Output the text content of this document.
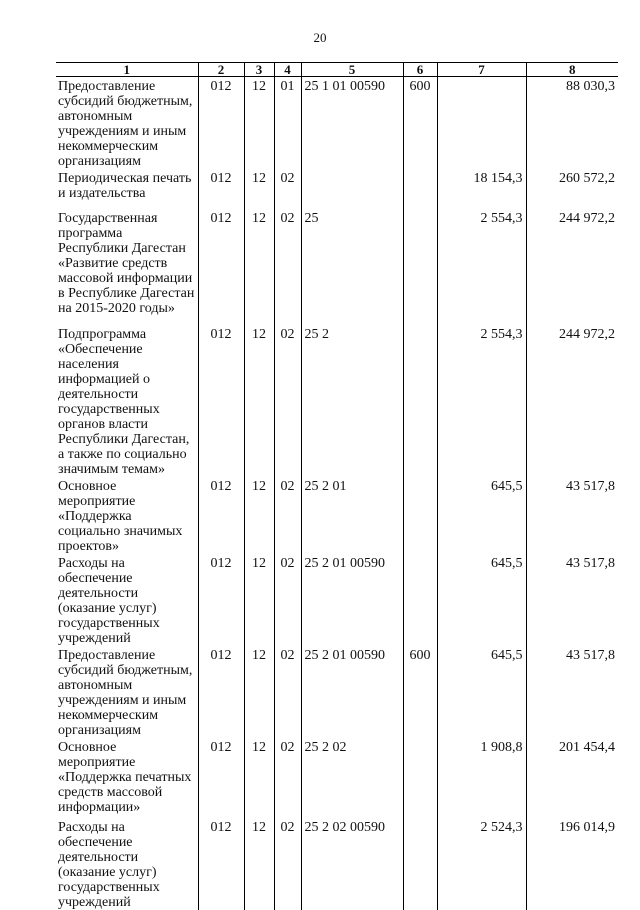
20
1	2	3	4	5	6	7	8
Предоставление субсидий бюджетным, автономным учреждениям и иным некоммерческим организациям	012	12	01	25 1 01 00590	600		88 030,3
Периодическая печать и издательства	012	12	02			18 154,3	260 572,2
Государственная программа Республики Дагестан «Развитие средств массовой информации в Республике Дагестан на 2015-2020 годы»	012	12	02	25		2 554,3	244 972,2
Подпрограмма «Обеспечение населения информацией о деятельности государственных органов власти Республики Дагестан, а также по социально значимым темам»	012	12	02	25 2		2 554,3	244 972,2
Основное мероприятие «Поддержка социально значимых проектов»	012	12	02	25 2 01		645,5	43 517,8
Расходы на обеспечение деятельности (оказание услуг) государственных учреждений	012	12	02	25 2 01 00590		645,5	43 517,8
Предоставление субсидий бюджетным, автономным учреждениям и иным некоммерческим организациям	012	12	02	25 2 01 00590	600	645,5	43 517,8
Основное мероприятие «Поддержка печатных средств массовой информации»	012	12	02	25 2 02		1 908,8	201 454,4
Расходы на обеспечение деятельности (оказание услуг) государственных учреждений	012	12	02	25 2 02 00590		2 524,3	196 014,9
